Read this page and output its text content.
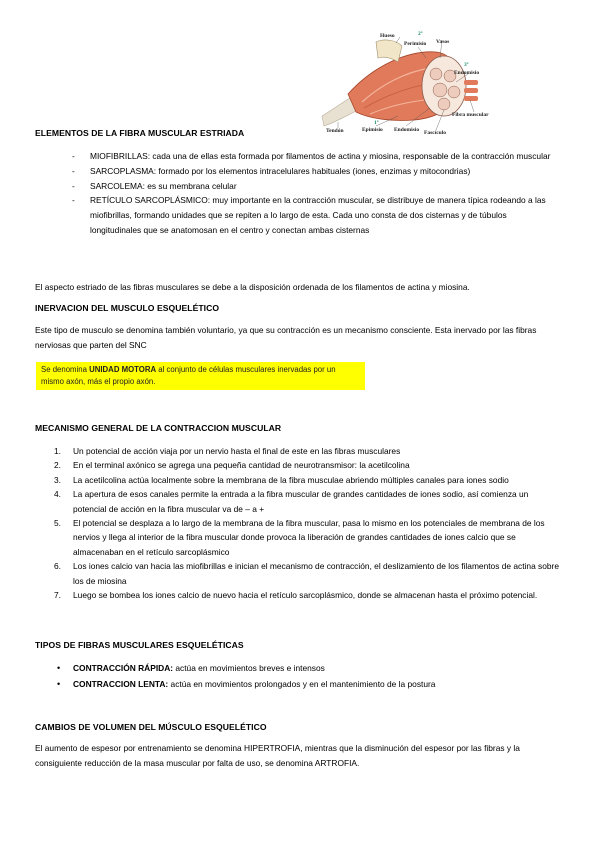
Hueso	2º
Perimisio Vasos
3º
Endomisio
Fibra muscular
Tendón
1º
Epimisio Endomisio Fascículo
ELEMENTOS DE LA FIBRA MUSCULAR ESTRIADA
- MIOFIBRILLAS: cada una de ellas esta formada por filamentos de actina y miosina, responsable de la contracción muscular
- SARCOPLASMA: formado por los elementos intracelulares habituales (iones, enzimas y mitocondrias)
- SARCOLEMA: es su membrana celular
- RETÍCULO SARCOPLÁSMICO: muy importante en la contracción muscular, se distribuye de manera típica rodeando a las miofibrillas, formando unidades que se repiten a lo largo de esta. Cada uno consta de dos cisternas y de túbulos longitudinales que se anatomosan en el centro y conectan ambas cisternas

El aspecto estriado de las fibras musculares se debe a la disposición ordenada de los filamentos de actina y miosina.

INERVACION DEL MUSCULO ESQUELÉTICO

Este tipo de musculo se denomina también voluntario, ya que su contracción es un mecanismo consciente. Esta inervado por las fibras nerviosas que parten del SNC

Se denomina UNIDAD MOTORA al conjunto de células musculares inervadas por un mismo axón, más el propio axón.
MECANISMO GENERAL DE LA CONTRACCION MUSCULAR
1. Un potencial de acción viaja por un nervio hasta el final de este en las fibras musculares
2. En el terminal axónico se agrega una pequeña cantidad de neurotransmisor: la acetilcolina
3. La acetilcolina actúa localmente sobre la membrana de la fibra musculae abriendo múltiples canales para iones sodio
4. La apertura de esos canales permite la entrada a la fibra muscular de grandes cantidades de iones sodio, así comienza un potencial de acción en la fibra muscular va de – a +
5. El potencial se desplaza a lo largo de la membrana de la fibra muscular, pasa lo mismo en los potenciales de membrana de los nervios y llega al interior de la fibra muscular donde provoca la liberación de grandes cantidades de iones calcio que se almacenaban en el retículo sarcoplásmico
6. Los iones calcio van hacia las miofibrillas e inician el mecanismo de contracción, el deslizamiento de los filamentos de actina sobre los de miosina
7. Luego se bombea los iones calcio de nuevo hacia el retículo sarcoplásmico, donde se almacenan hasta el próximo potencial.
TIPOS DE FIBRAS MUSCULARES ESQUELÉTICAS
• CONTRACCIÓN RÁPIDA: actúa en movimientos breves e intensos
• CONTRACCION LENTA: actúa en movimientos prolongados y en el mantenimiento de la postura
CAMBIOS DE VOLUMEN DEL MÚSCULO ESQUELÉTICO

El aumento de espesor por entrenamiento se denomina HIPERTROFIA, mientras que la disminución del espesor por las fibras y la consiguiente reducción de la masa muscular por falta de uso, se denomina ARTROFIA.
